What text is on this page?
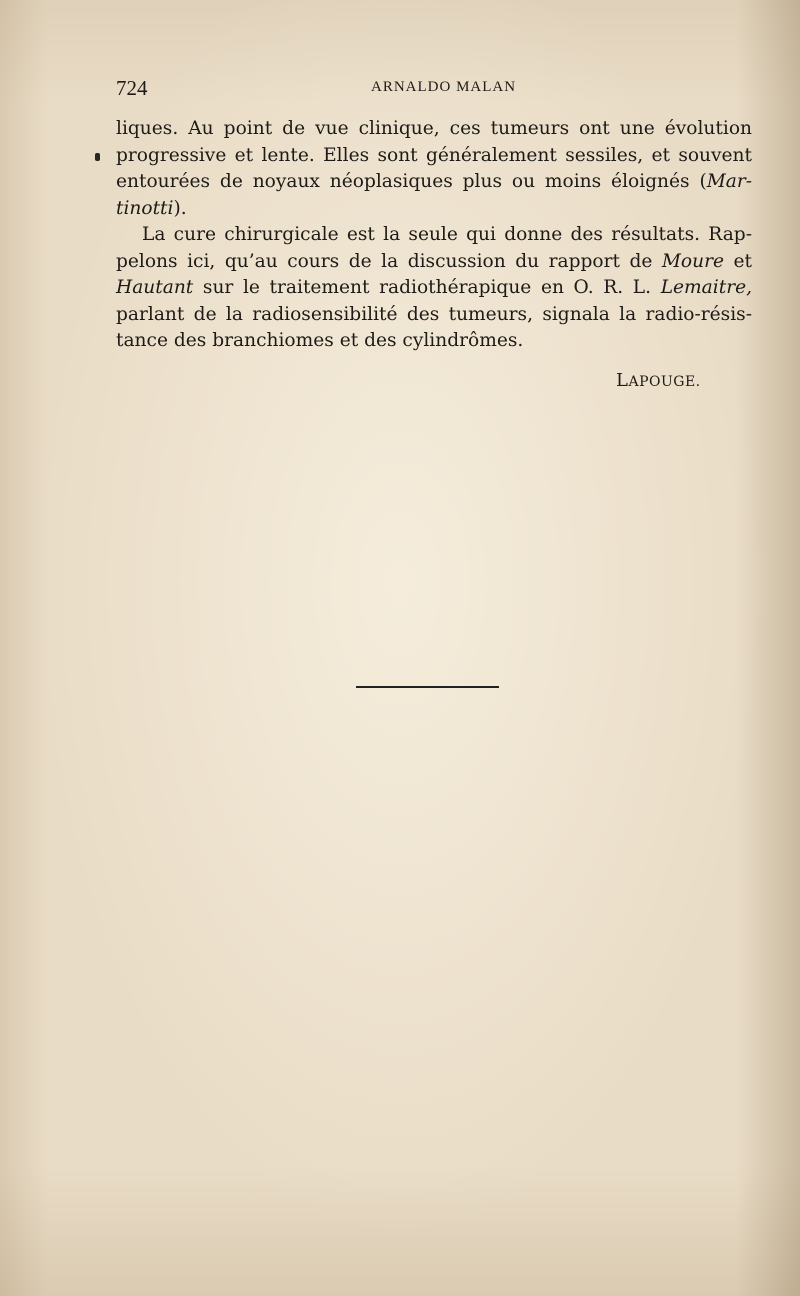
724	ARNALDO MALAN
liques. Au point de vue clinique, ces tumeurs ont une évolution
progressive et lente. Elles sont généralement sessiles, et souvent
entourées de noyaux néoplasiques plus ou moins éloignés (Mar-
tinotti).
La cure chirurgicale est la seule qui donne des résultats. Rap-
pelons ici, qu’au cours de la discussion du rapport de Moure et
Hautant sur le traitement radiothérapique en O. R. L. Lemaitre,
parlant de la radiosensibilité des tumeurs, signala la radio-résis-
tance des branchiomes et des cylindrômes.
LAPOUGE.
